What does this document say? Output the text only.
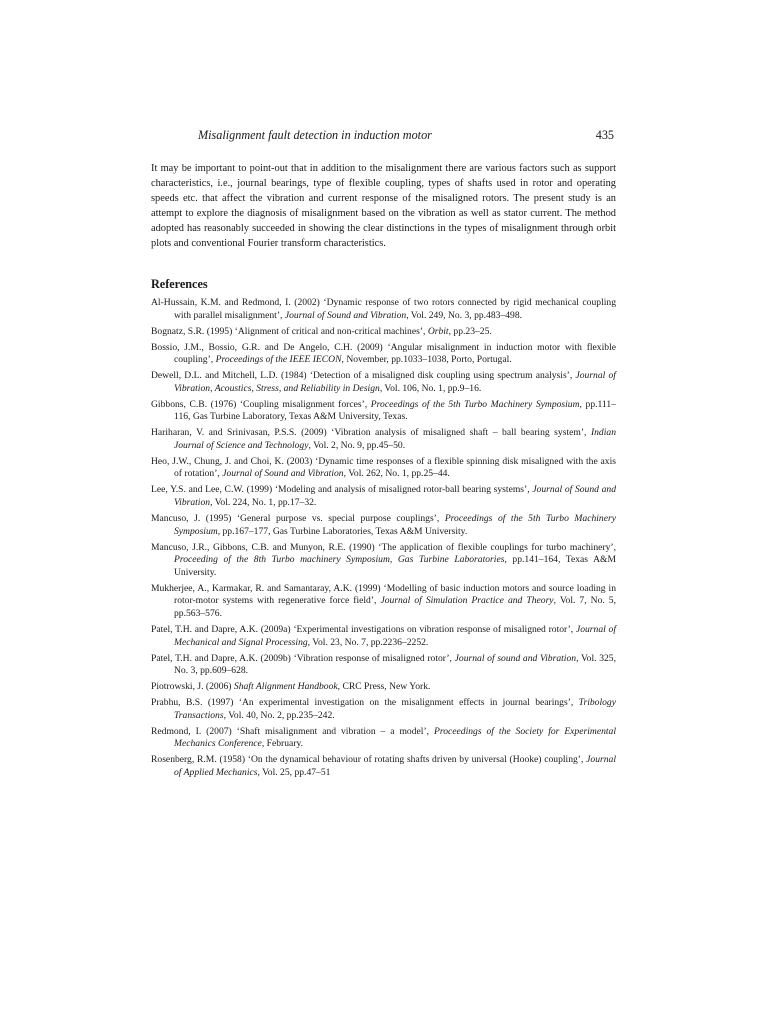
Misalignment fault detection in induction motor	435

It may be important to point-out that in addition to the misalignment there are various factors such as support characteristics, i.e., journal bearings, type of flexible coupling, types of shafts used in rotor and operating speeds etc. that affect the vibration and current response of the misaligned rotors. The present study is an attempt to explore the diagnosis of misalignment based on the vibration as well as stator current. The method adopted has reasonably succeeded in showing the clear distinctions in the types of misalignment through orbit plots and conventional Fourier transform characteristics.

References

Al-Hussain, K.M. and Redmond, I. (2002) ‘Dynamic response of two rotors connected by rigid mechanical coupling with parallel misalignment’, Journal of Sound and Vibration, Vol. 249, No. 3, pp.483–498.

Bognatz, S.R. (1995) ‘Alignment of critical and non-critical machines’, Orbit, pp.23–25.

Bossio, J.M., Bossio, G.R. and De Angelo, C.H. (2009) ‘Angular misalignment in induction motor with flexible coupling’, Proceedings of the IEEE IECON, November, pp.1033–1038, Porto, Portugal.

Dewell, D.L. and Mitchell, L.D. (1984) ‘Detection of a misaligned disk coupling using spectrum analysis’, Journal of Vibration, Acoustics, Stress, and Reliability in Design, Vol. 106, No. 1, pp.9–16.

Gibbons, C.B. (1976) ‘Coupling misalignment forces’, Proceedings of the 5th Turbo Machinery Symposium, pp.111–116, Gas Turbine Laboratory, Texas A&M University, Texas.

Hariharan, V. and Srinivasan, P.S.S. (2009) ‘Vibration analysis of misaligned shaft – ball bearing system’, Indian Journal of Science and Technology, Vol. 2, No. 9, pp.45–50.

Heo, J.W., Chung, J. and Choi, K. (2003) ‘Dynamic time responses of a flexible spinning disk misaligned with the axis of rotation’, Journal of Sound and Vibration, Vol. 262, No. 1, pp.25–44.

Lee, Y.S. and Lee, C.W. (1999) ‘Modeling and analysis of misaligned rotor-ball bearing systems’, Journal of Sound and Vibration, Vol. 224, No. 1, pp.17–32.

Mancuso, J. (1995) ‘General purpose vs. special purpose couplings’, Proceedings of the 5th Turbo Machinery Symposium, pp.167–177, Gas Turbine Laboratories, Texas A&M University.

Mancuso, J.R., Gibbons, C.B. and Munyon, R.E. (1990) ‘The application of flexible couplings for turbo machinery’, Proceeding of the 8th Turbo machinery Symposium, Gas Turbine Laboratories, pp.141–164, Texas A&M University.

Mukherjee, A., Karmakar, R. and Samantaray, A.K. (1999) ‘Modelling of basic induction motors and source loading in rotor-motor systems with regenerative force field’, Journal of Simulation Practice and Theory, Vol. 7, No. 5, pp.563–576.

Patel, T.H. and Dapre, A.K. (2009a) ‘Experimental investigations on vibration response of misaligned rotor’, Journal of Mechanical and Signal Processing, Vol. 23, No. 7, pp.2236–2252.

Patel, T.H. and Dapre, A.K. (2009b) ‘Vibration response of misaligned rotor’, Journal of sound and Vibration, Vol. 325, No. 3, pp.609–628.

Piotrowski, J. (2006) Shaft Alignment Handbook, CRC Press, New York.

Prabhu, B.S. (1997) ‘An experimental investigation on the misalignment effects in journal bearings’, Tribology Transactions, Vol. 40, No. 2, pp.235–242.

Redmond, I. (2007) ‘Shaft misalignment and vibration – a model’, Proceedings of the Society for Experimental Mechanics Conference, February.

Rosenberg, R.M. (1958) ‘On the dynamical behaviour of rotating shafts driven by universal (Hooke) coupling’, Journal of Applied Mechanics, Vol. 25, pp.47–51
